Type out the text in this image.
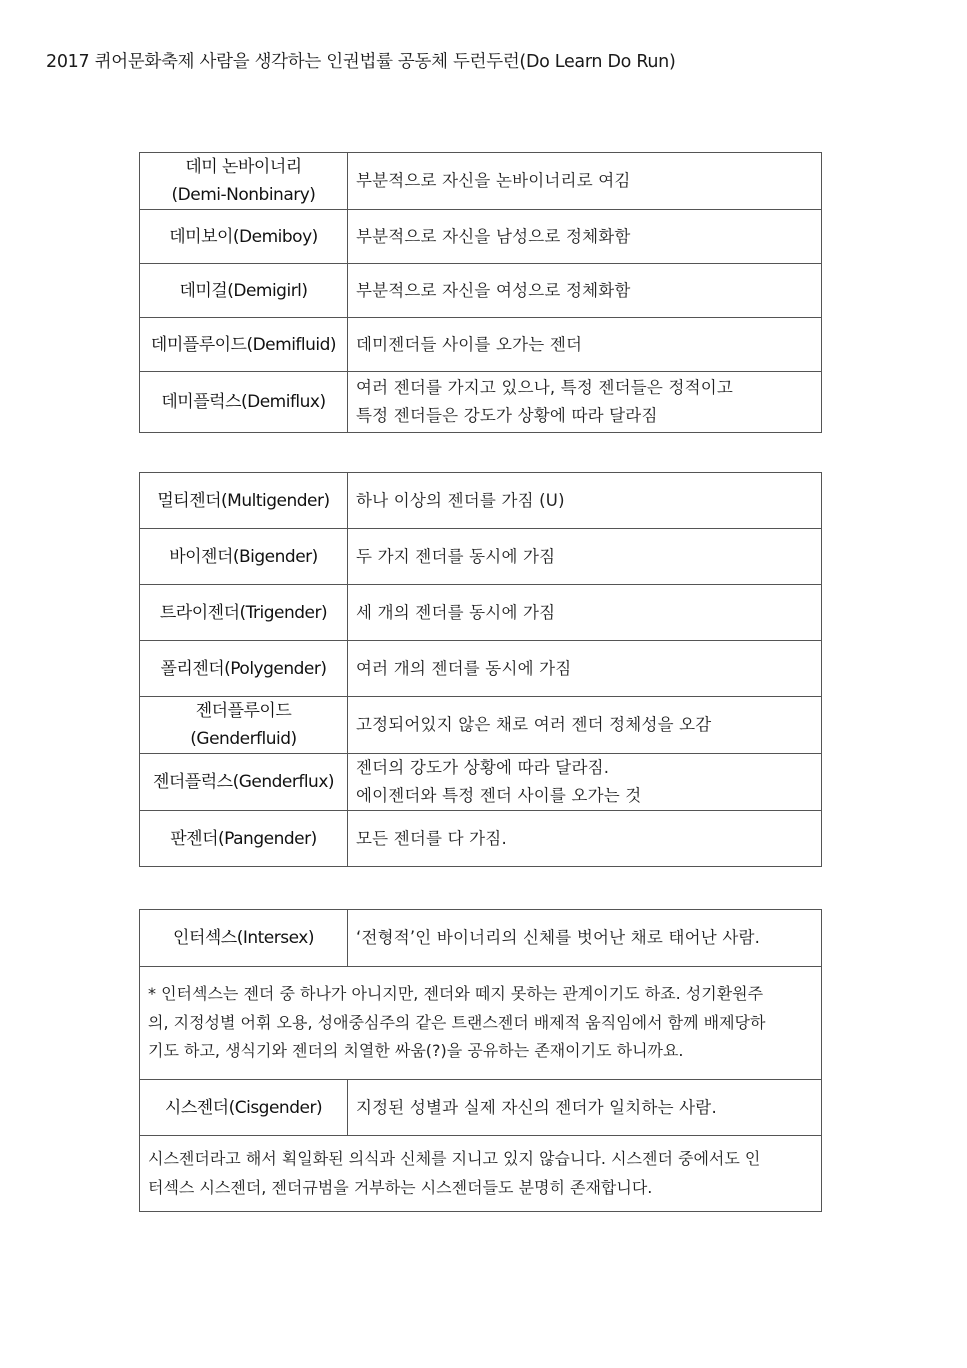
2017 퀴어문화축제 사람을 생각하는 인권법률 공동체 두런두런(Do Learn Do Run)
데미 논바이너리
(Demi-Nonbinary)	부분적으로 자신을 논바이너리로 여김

데미보이(Demiboy)	부분적으로 자신을 남성으로 정체화함

데미걸(Demigirl)	부분적으로 자신을 여성으로 정체화함

데미플루이드(Demifluid)	데미젠더들 사이를 오가는 젠더

데미플럭스(Demiflux)	여러 젠더를 가지고 있으나, 특정 젠더들은 정적이고
특정 젠더들은 강도가 상황에 따라 달라짐
멀티젠더(Multigender)	하나 이상의 젠더를 가짐 (U)

바이젠더(Bigender)	두 가지 젠더를 동시에 가짐

트라이젠더(Trigender)	세 개의 젠더를 동시에 가짐

폴리젠더(Polygender)	여러 개의 젠더를 동시에 가짐

젠더플루이드
(Genderfluid)	고정되어있지 않은 채로 여러 젠더 정체성을 오감

젠더플럭스(Genderflux)	젠더의 강도가 상황에 따라 달라짐.
에이젠더와 특정 젠더 사이를 오가는 것

판젠더(Pangender)	모든 젠더를 다 가짐.
인터섹스(Intersex)	‘전형적’인 바이너리의 신체를 벗어난 채로 태어난 사람.

* 인터섹스는 젠더 중 하나가 아니지만, 젠더와 떼지 못하는 관계이기도 하죠. 성기환원주
의, 지정성별 어휘 오용, 성애중심주의 같은 트랜스젠더 배제적 움직임에서 함께 배제당하
기도 하고, 생식기와 젠더의 치열한 싸움(?)을 공유하는 존재이기도 하니까요.	

시스젠더(Cisgender)	지정된 성별과 실제 자신의 젠더가 일치하는 사람.

시스젠더라고 해서 획일화된 의식과 신체를 지니고 있지 않습니다. 시스젠더 중에서도 인
터섹스 시스젠더, 젠더규범을 거부하는 시스젠더들도 분명히 존재합니다.	
